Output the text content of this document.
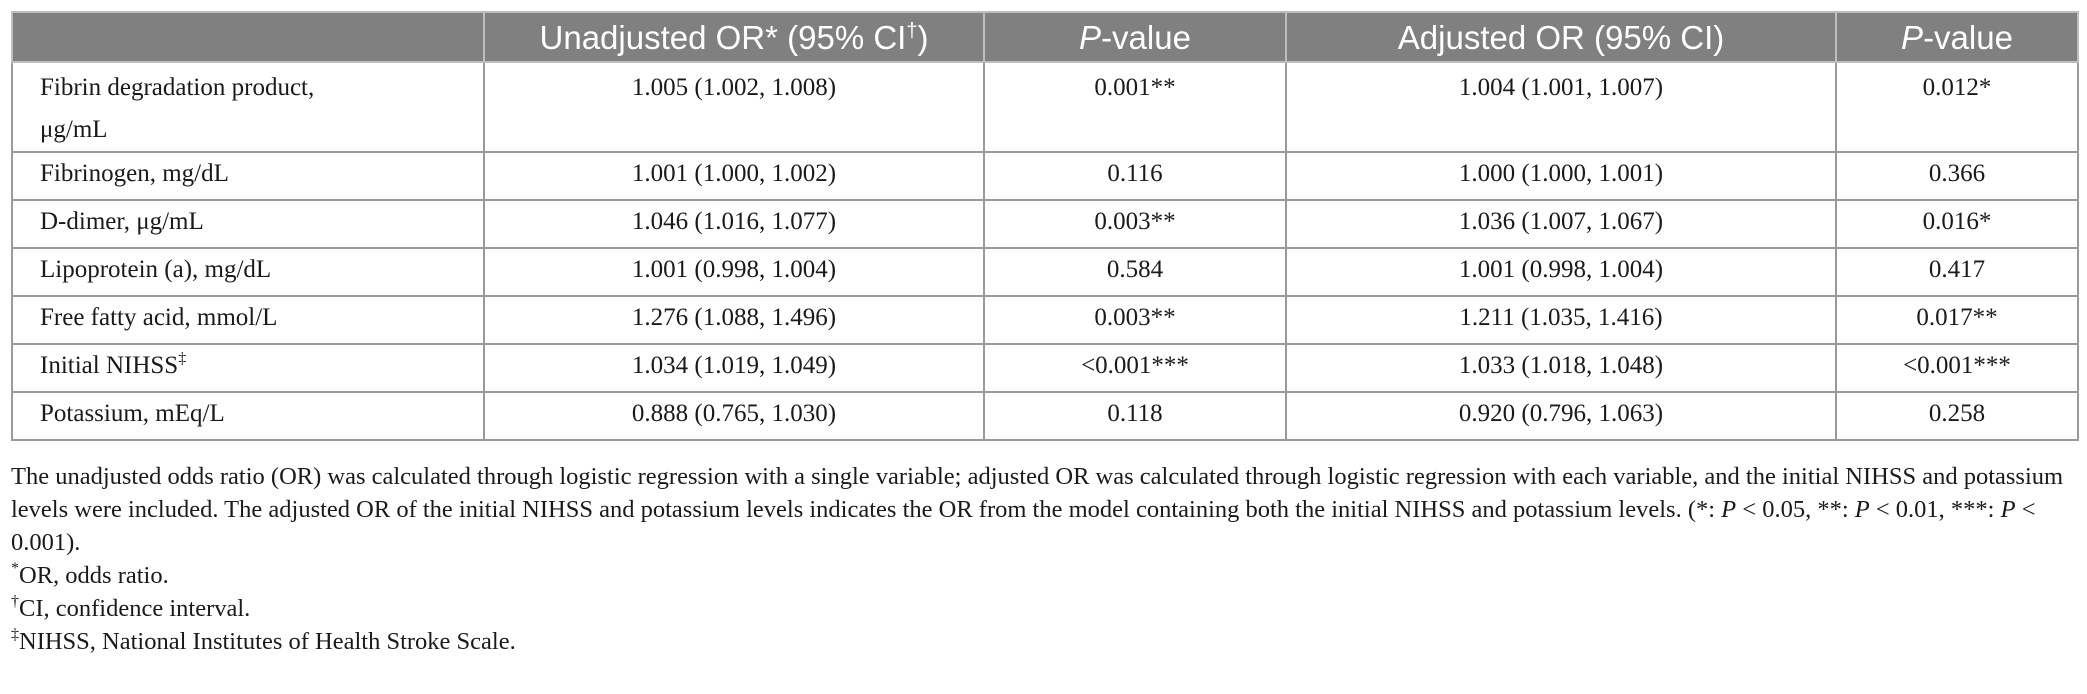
	Unadjusted OR* (95% CI†)	P-value	Adjusted OR (95% CI)	P-value
Fibrin degradation product,
μg/mL	1.005 (1.002, 1.008)	0.001**	1.004 (1.001, 1.007)	0.012*
Fibrinogen, mg/dL	1.001 (1.000, 1.002)	0.116	1.000 (1.000, 1.001)	0.366
D-dimer, μg/mL	1.046 (1.016, 1.077)	0.003**	1.036 (1.007, 1.067)	0.016*
Lipoprotein (a), mg/dL	1.001 (0.998, 1.004)	0.584	1.001 (0.998, 1.004)	0.417
Free fatty acid, mmol/L	1.276 (1.088, 1.496)	0.003**	1.211 (1.035, 1.416)	0.017**
Initial NIHSS‡	1.034 (1.019, 1.049)	<0.001***	1.033 (1.018, 1.048)	<0.001***
Potassium, mEq/L	0.888 (0.765, 1.030)	0.118	0.920 (0.796, 1.063)	0.258

The unadjusted odds ratio (OR) was calculated through logistic regression with a single variable; adjusted OR was calculated through logistic regression with each variable, and the initial NIHSS and potassium levels were included. The adjusted OR of the initial NIHSS and potassium levels indicates the OR from the model containing both the initial NIHSS and potassium levels. (*: P < 0.05, **: P < 0.01, ***: P < 0.001).

*OR, odds ratio.

†CI, confidence interval.

‡NIHSS, National Institutes of Health Stroke Scale.
